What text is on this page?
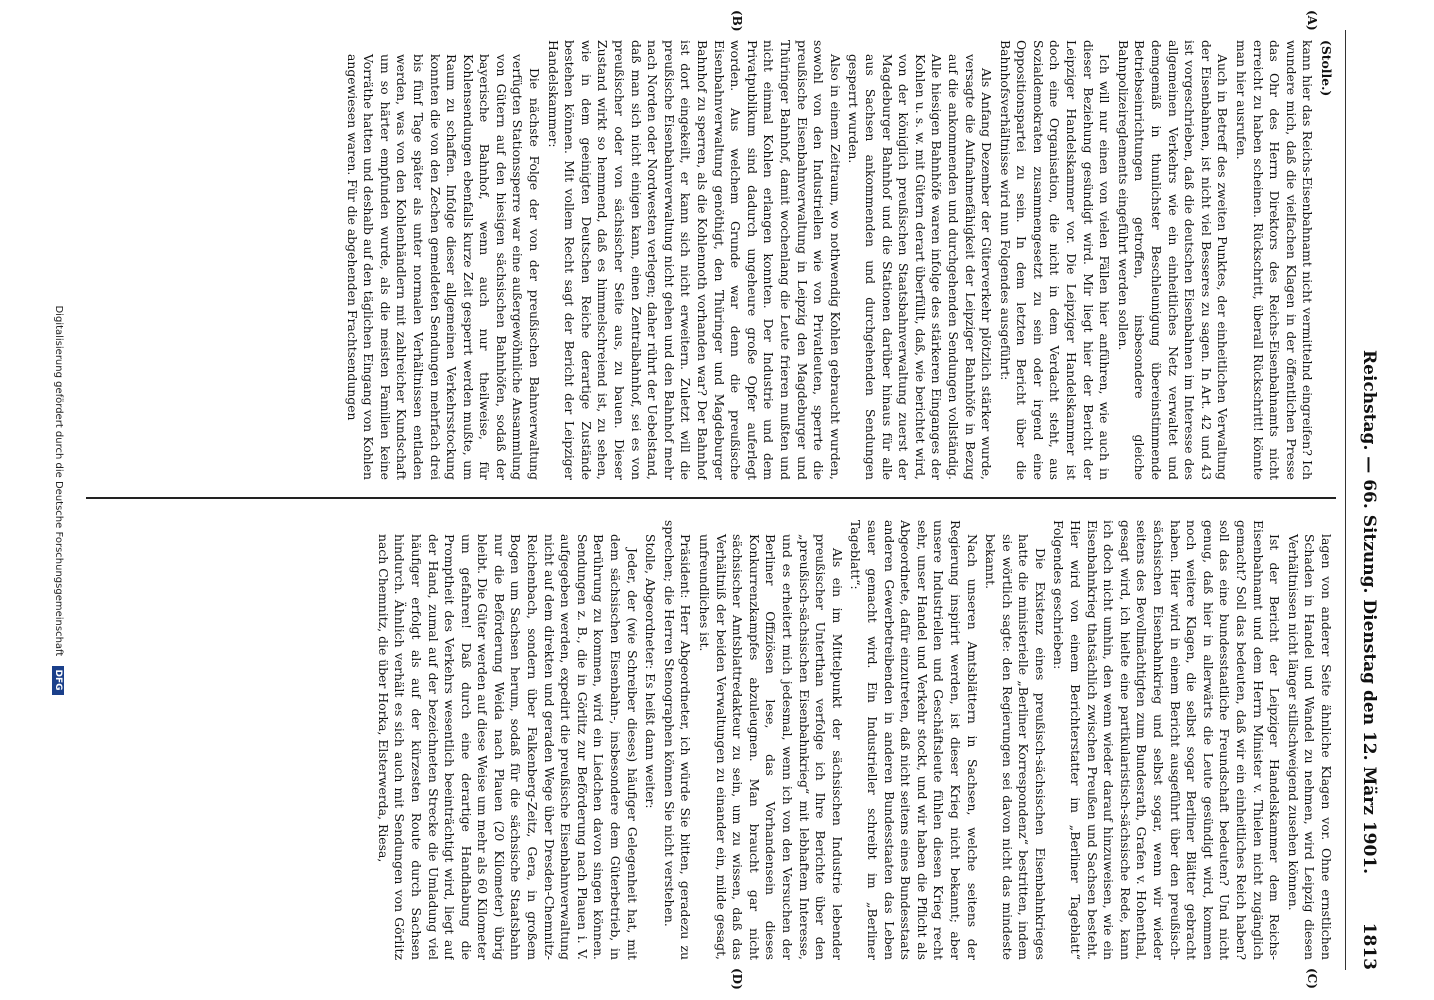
Reichstag. — 66. Sitzung. Dienstag den 12. März 1901.
1813

(Stolle.)

kann hier das Reichs-Eisenbahnamt nicht vermittelnd eingreifen? Ich wundere mich, daß die vielfachen Klagen in der öffentlichen Presse das Ohr des Herrn Direktors des Reichs-Eisenbahnamts nicht erreicht zu haben scheinen. Rückschritt, überall Rückschritt! könnte man hier ausrufen.

Auch in Betreff des zweiten Punktes, der einheitlichen Verwaltung der Eisenbahnen, ist nicht viel Besseres zu sagen. In Art. 42 und 43 ist vorgeschrieben, daß die deutschen Eisenbahnen im Interesse des allgemeinen Verkehrs wie ein einheitliches Netz verwaltet und demgemäß in thunlichster Beschleunigung übereinstimmende Betriebseinrichtungen getroffen, insbesondere gleiche Bahnpolizeireglements eingeführt werden sollen.

Ich will nur einen von vielen Fällen hier anführen, wie auch in dieser Beziehung gesündigt wird. Mir liegt hier der Bericht der Leipziger Handelskammer vor. Die Leipziger Handelskammer ist doch eine Organisation, die nicht in dem Verdacht steht, aus Sozialdemokraten zusammengesetzt zu sein oder irgend eine Oppositionspartei zu sein. In dem letzten Bericht über die Bahnhofsverhältnisse wird nun Folgendes ausgeführt:

Als Anfang Dezember der Güterverkehr plötzlich stärker wurde, versagte die Aufnahmefähigkeit der Leipziger Bahnhöfe in Bezug auf die ankommenden und durchgehenden Sendungen vollständig. Alle hiesigen Bahnhöfe waren infolge des stärkeren Einganges der Kohlen u. s. w. mit Gütern derart überfüllt, daß, wie berichtet wird, von der königlich preußischen Staatsbahnverwaltung zuerst der Magdeburger Bahnhof und die Stationen darüber hinaus für alle aus Sachsen ankommenden und durchgehenden Sendungen gesperrt wurden.

Also in einem Zeitraum, wo nothwendig Kohlen gebraucht wurden, sowohl von den Industriellen wie von Privatleuten, sperrte die preußische Eisenbahnverwaltung in Leipzig den Magdeburger und Thüringer Bahnhof, damit wochenlang die Leute frieren mußten und nicht einmal Kohlen erlangen konnten. Der Industrie und dem Privatpublikum sind dadurch ungeheure große Opfer auferlegt worden. Aus welchem Grunde war denn die preußische Eisenbahnverwaltung genöthigt, den Thüringer und Magdeburger Bahnhof zu sperren, als die Kohlennoth vorhanden war? Der Bahnhof ist dort eingekeilt, er kann sich nicht erweitern. Zuletzt will die preußische Eisenbahnverwaltung nicht gehen und den Bahnhof mehr nach Norden oder Nordwesten verlegen; daher rührt der Uebelstand, daß man sich nicht einigen kann, einen Zentralbahnhof, sei es von preußischer oder von sächsischer Seite aus, zu bauen. Dieser Zustand wirkt so hemmend, daß es himmelschreiend ist, zu sehen, wie in dem geeinigten Deutschen Reiche derartige Zustände bestehen können. Mit vollem Recht sagt der Bericht der Leipziger Handelskammer:

Die nächste Folge der von der preußischen Bahnverwaltung verfügten Stationssperre war eine außergewöhnliche Ansammlung von Gütern auf den hiesigen sächsischen Bahnhöfen, sodaß der bayerische Bahnhof, wenn auch nur theilweise, für Kohlensendungen ebenfalls kurze Zeit gesperrt werden mußte, um Raum zu schaffen. Infolge dieser allgemeinen Verkehrsstockung konnten die von den Zechen gemeldeten Sendungen mehrfach drei bis fünf Tage später als unter normalen Verhältnissen entladen werden, was von den Kohlenhändlern mit zahlreicher Kundschaft um so härter empfunden wurde, als die meisten Familien keine Vorräthe hatten und deshalb auf den täglichen Eingang von Kohlen angewiesen waren. Für die abgehenden Frachtsendungen

lagen von anderer Seite ähnliche Klagen vor. Ohne ernstlichen Schaden in Handel und Wandel zu nehmen, wird Leipzig diesen Verhältnissen nicht länger stillschweigend zusehen können.

Ist der Bericht der Leipziger Handelskammer dem Reichs-Eisenbahnamt und dem Herrn Minister v. Thielen nicht zugänglich gemacht? Soll das bedeuten, daß wir ein einheitliches Reich haben? soll das eine bundesstaatliche Freundschaft bedeuten? Und nicht genug, daß hier in allerwärts die Leute gesündigt wird, kommen noch weitere Klagen, die selbst sogar Berliner Blätter gebracht haben. Hier wird in einem Bericht ausgeführt über den preußisch-sächsischen Eisenbahnkrieg und selbst sogar, wenn wir wieder seitens des Bevollmächtigten zum Bundesrath, Grafen v. Hohenthal, gesagt wird, ich hielte eine partikularistisch-sächsische Rede, kann ich doch nicht umhin, den wenn wieder darauf hinzuweisen, wie ein Eisenbahnkrieg thatsächlich zwischen Preußen und Sachsen besteht. Hier wird von einem Berichterstatter im „Berliner Tageblatt“ Folgendes geschrieben:

Die Existenz eines preußisch-sächsischen Eisenbahnkrieges hatte die ministerielle „Berliner Korrespondenz“ bestritten, indem sie wörtlich sagte: den Regierungen sei davon nicht das mindeste bekannt.

Nach unseren Amtsblättern in Sachsen, welche seitens der Regierung inspirirt werden, ist dieser Krieg nicht bekannt; aber unsere Industriellen und Geschäftsleute fühlen diesen Krieg recht sehr, unser Handel und Verkehr stockt, und wir haben die Pflicht als Abgeordnete, dafür einzutreten, daß nicht seitens eines Bundesstaats anderen Gewerbetreibenden in anderen Bundesstaaten das Leben sauer gemacht wird. Ein Industrieller schreibt im „Berliner Tageblatt“:

Als ein im Mittelpunkt der sächsischen Industrie lebender preußischer Unterthan verfolge ich Ihre Berichte über den „preußisch-sächsischen Eisenbahnkrieg“ mit lebhaftem Interesse, und es erheitert mich jedesmal, wenn ich von den Versuchen der Berliner Offiziösen lese, das Vorhandensein dieses Konkurrenzkampfes abzuleugnen. Man braucht gar nicht sächsischer Amtsblattredakteur zu sein, um zu wissen, daß das Verhältniß der beiden Verwaltungen zu einander ein, milde gesagt, unfreundliches ist.

Präsident: Herr Abgeordneter, ich würde Sie bitten, geradezu zu sprechen; die Herren Stenographen können Sie nicht verstehen.

Stolle, Abgeordneter: Es heißt dann weiter:

Jeder, der (wie Schreiber dieses) häufiger Gelegenheit hat, mit dem sächsischen Eisenbahn-, insbesondere dem Güterbetrieb, in Berührung zu kommen, wird ein Liedchen davon singen können. Sendungen z. B., die in Görlitz zur Beförderung nach Plauen i. V. aufgegeben werden, expedirt die preußische Eisenbahnverwaltung nicht auf dem direkten und geraden Wege über Dresden-Chemnitz-Reichenbach, sondern über Falkenberg-Zeitz, Gera, in großem Bogen um Sachsen herum, sodaß für die sächsische Staatsbahn nur die Beförderung Weida nach Plauen (20 Kilometer) übrig bleibt. Die Güter werden auf diese Weise um mehr als 60 Kilometer um gefahren! Daß durch eine derartige Handhabung die Promptheit des Verkehrs wesentlich beeinträchtigt wird, liegt auf der Hand, zumal auf der bezeichneten Strecke die Umladung viel häufiger erfolgt als auf der kürzesten Route durch Sachsen hindurch. Ähnlich verhält es sich auch mit Sendungen von Görlitz nach Chemnitz, die über Horka, Elsterwerda, Riesa,

(A)
(B)
(C)
(D)
Digitalisierung gefördert durch die Deutsche Forschungsgemeinschaft DFG
